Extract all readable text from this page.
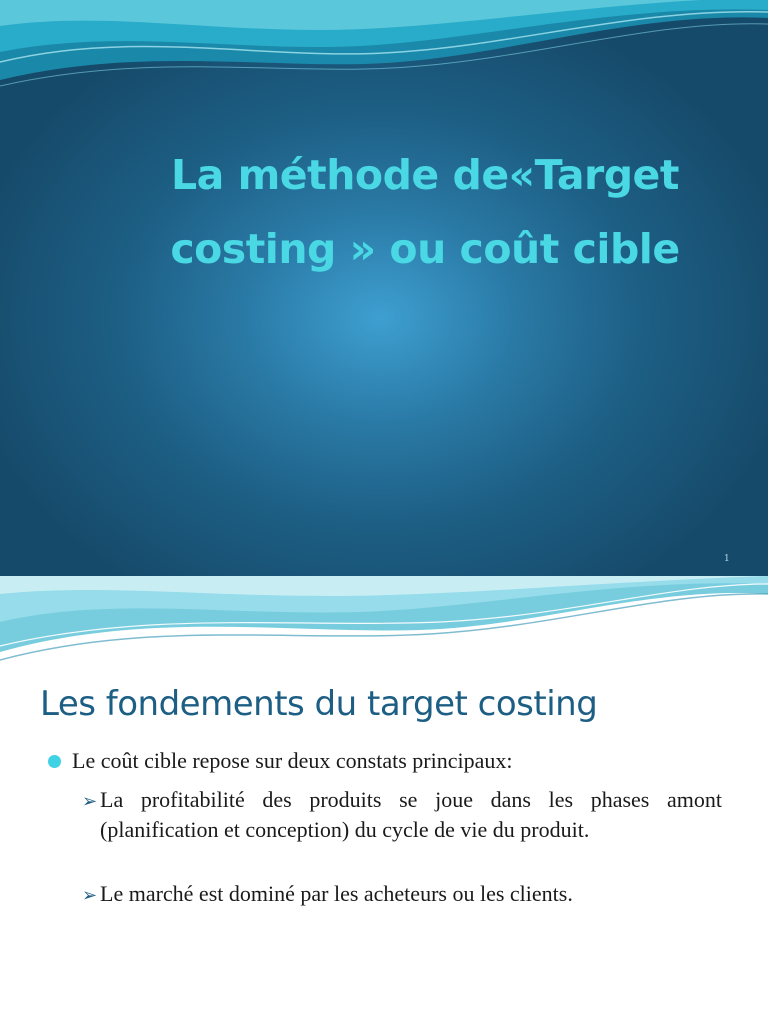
La méthode de«Target costing » ou coût cible
1
Les fondements du target costing
Le coût cible repose sur deux constats principaux:
➢ La profitabilité des produits se joue dans les phases amont (planification et conception) du cycle de vie du produit.
➢ Le marché est dominé par les acheteurs ou les clients.
